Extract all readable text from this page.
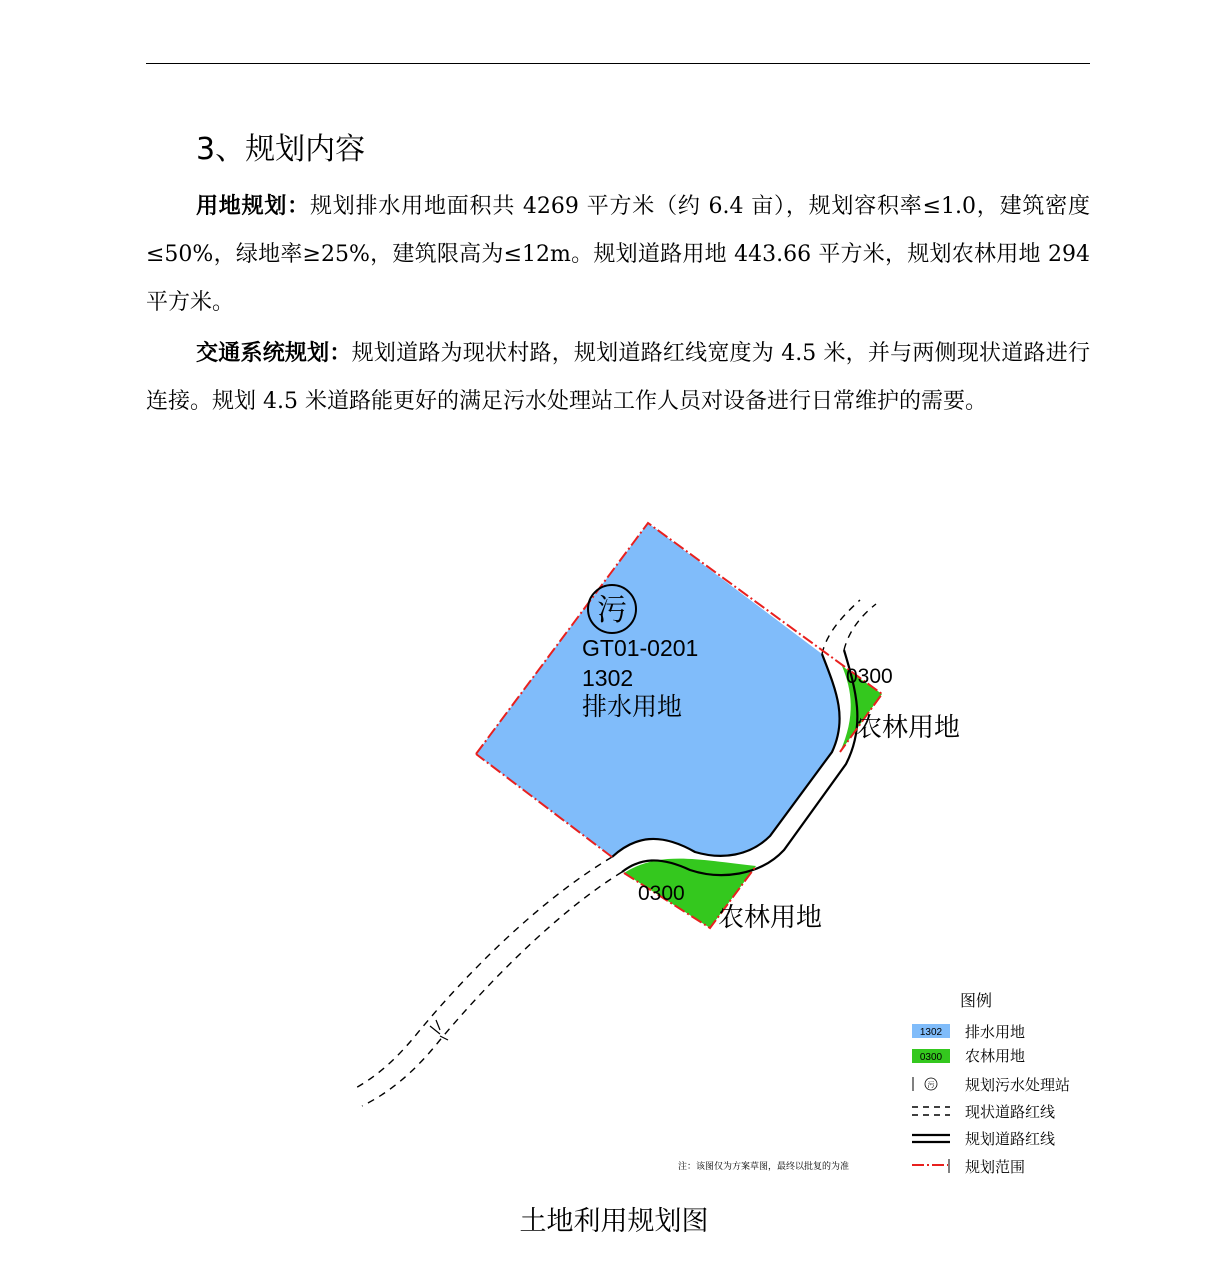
3、规划内容

用地规划：规划排水用地面积共 4269 平方米（约 6.4 亩），规划容积率≤1.0，建筑密度≤50%，绿地率≥25%，建筑限高为≤12m。规划道路用地 443.66 平方米，规划农林用地 294 平方米。

交通系统规划：规划道路为现状村路，规划道路红线宽度为 4.5 米，并与两侧现状道路进行连接。规划 4.5 米道路能更好的满足污水处理站工作人员对设备进行日常维护的需要。

污
GT01-0201
1302
排水用地
0300
农林用地
0300
农林用地
注：该图仅为方案草图，最终以批复的为准
图例
1302 排水用地
0300 农林用地
污 规划污水处理站
现状道路红线
规划道路红线
规划范围
土地利用规划图
